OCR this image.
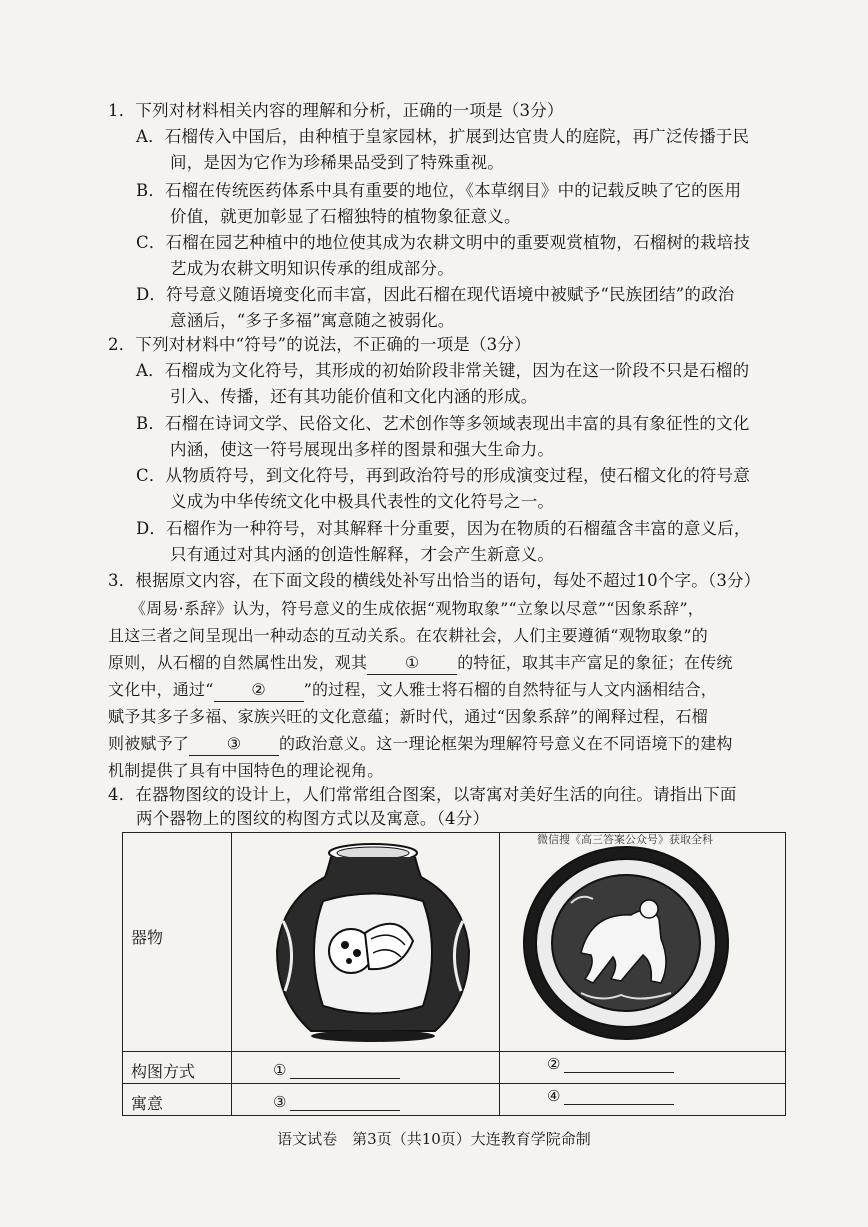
1．下列对材料相关内容的理解和分析，正确的一项是（3分）
A．石榴传入中国后，由种植于皇家园林，扩展到达官贵人的庭院，再广泛传播于民
间，是因为它作为珍稀果品受到了特殊重视。
B．石榴在传统医药体系中具有重要的地位，《本草纲目》中的记载反映了它的医用
价值，就更加彰显了石榴独特的植物象征意义。
C．石榴在园艺种植中的地位使其成为农耕文明中的重要观赏植物，石榴树的栽培技
艺成为农耕文明知识传承的组成部分。
D．符号意义随语境变化而丰富，因此石榴在现代语境中被赋予“民族团结”的政治
意涵后，“多子多福”寓意随之被弱化。
2．下列对材料中“符号”的说法，不正确的一项是（3分）
A．石榴成为文化符号，其形成的初始阶段非常关键，因为在这一阶段不只是石榴的
引入、传播，还有其功能价值和文化内涵的形成。
B．石榴在诗词文学、民俗文化、艺术创作等多领域表现出丰富的具有象征性的文化
内涵，使这一符号展现出多样的图景和强大生命力。
C．从物质符号，到文化符号，再到政治符号的形成演变过程，使石榴文化的符号意
义成为中华传统文化中极具代表性的文化符号之一。
D．石榴作为一种符号，对其解释十分重要，因为在物质的石榴蕴含丰富的意义后，
只有通过对其内涵的创造性解释，才会产生新意义。
3．根据原文内容，在下面文段的横线处补写出恰当的语句，每处不超过10个字。（3分）
《周易·系辞》认为，符号意义的生成依据“观物取象”“立象以尽意”“因象系辞”，
且这三者之间呈现出一种动态的互动关系。在农耕社会，人们主要遵循“观物取象”的
原则，从石榴的自然属性出发，观其 ① 的特征，取其丰产富足的象征；在传统
文化中，通过“ ② ”的过程，文人雅士将石榴的自然特征与人文内涵相结合，
赋予其多子多福、家族兴旺的文化意蕴；新时代，通过“因象系辞”的阐释过程，石榴
则被赋予了 ③ 的政治意义。这一理论框架为理解符号意义在不同语境下的建构
机制提供了具有中国特色的理论视角。
4．在器物图纹的设计上，人们常常组合图案，以寄寓对美好生活的向往。请指出下面
两个器物上的图纹的构图方式以及寓意。（4分）
器物
构图方式
寓意
微信搜《高三答案公众号》获取全科
①	②
③	④
语文试卷　第3页（共10页）大连教育学院命制
